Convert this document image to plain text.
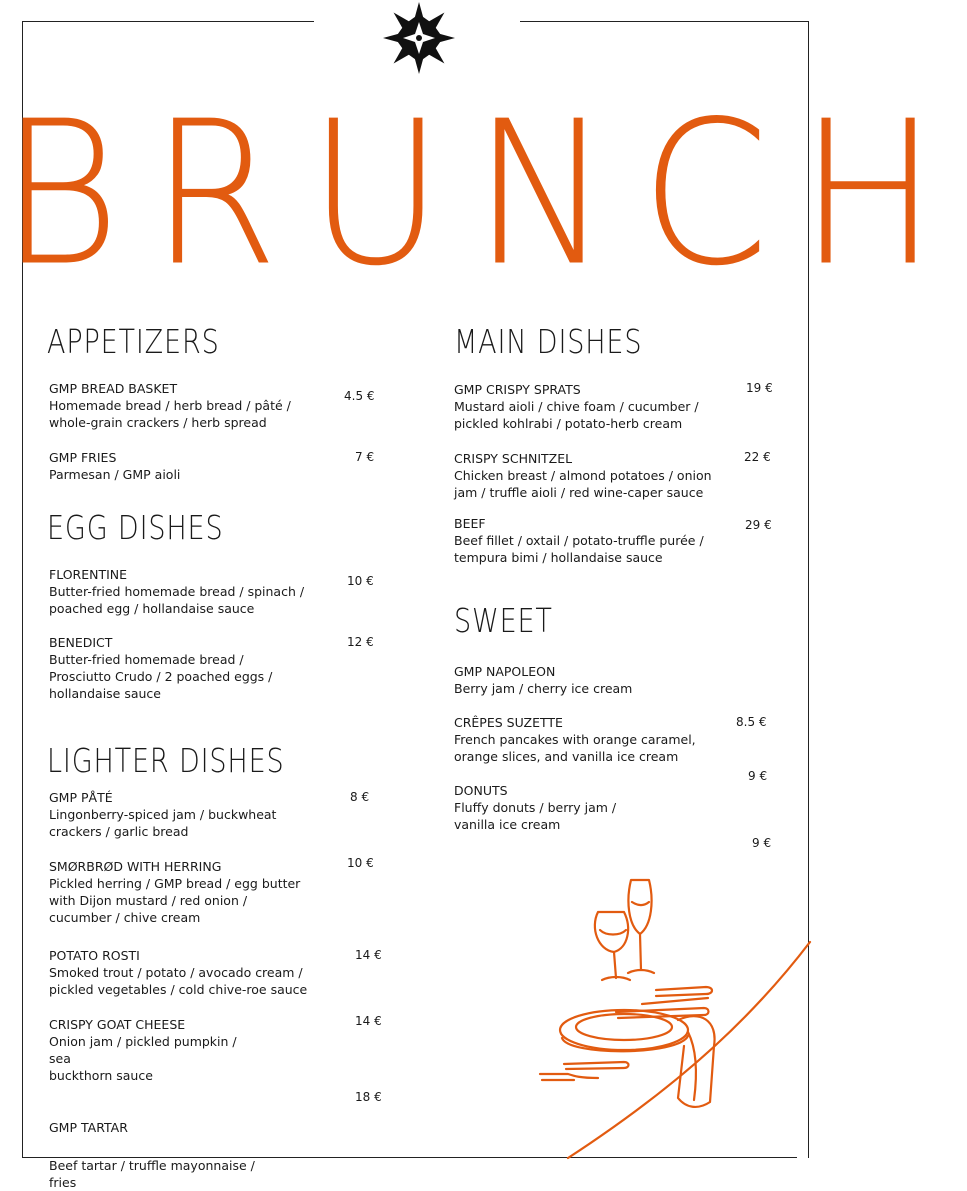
BRUNCH
APPETIZERS
GMP BREAD BASKET
Homemade bread / herb bread / pâté /
whole-grain crackers / herb spread
4.5 €
GMP FRIES
Parmesan / GMP aioli
7 €
EGG DISHES
FLORENTINE
Butter-fried homemade bread / spinach /
poached egg / hollandaise sauce
10 €
BENEDICT
Butter-fried homemade bread /
Prosciutto Crudo / 2 poached eggs /
hollandaise sauce
12 €
LIGHTER DISHES
GMP PÅTÉ
Lingonberry-spiced jam / buckwheat
crackers / garlic bread
8 €
SMØRBRØD WITH HERRING
Pickled herring / GMP bread / egg butter
with Dijon mustard / red onion /
cucumber / chive cream
10 €
POTATO ROSTI
Smoked trout / potato / avocado cream /
pickled vegetables / cold chive-roe sauce
14 €
CRISPY GOAT CHEESE
Onion jam / pickled pumpkin /
sea
buckthorn sauce
14 €
18 €
GMP TARTAR
Beef tartar / truffle mayonnaise /
fries
MAIN DISHES
GMP CRISPY SPRATS
Mustard aioli / chive foam / cucumber /
pickled kohlrabi / potato-herb cream
19 €
CRISPY SCHNITZEL
Chicken breast / almond potatoes / onion
jam / truffle aioli / red wine-caper sauce
22 €
BEEF
Beef fillet / oxtail / potato-truffle purée /
tempura bimi / hollandaise sauce
29 €
SWEET
GMP NAPOLEON
Berry jam / cherry ice cream
8.5 €
CRÊPES SUZETTE
French pancakes with orange caramel,
orange slices, and vanilla ice cream
9 €
DONUTS
Fluffy donuts / berry jam /
vanilla ice cream
9 €
